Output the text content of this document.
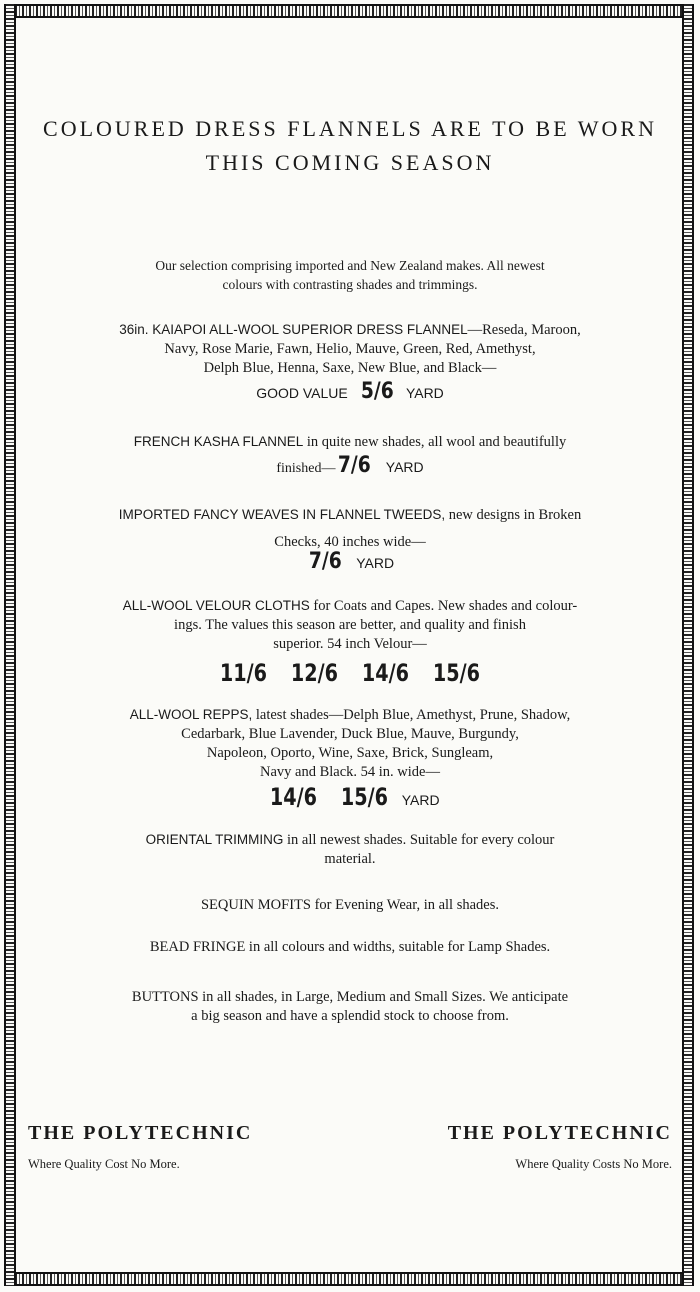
COLOURED DRESS FLANNELS ARE TO BE WORN
THIS COMING SEASON
Our selection comprising imported and New Zealand makes. All newest
colours with contrasting shades and trimmings.
36in. KAIAPOI ALL-WOOL SUPERIOR DRESS FLANNEL—Reseda, Maroon,
Navy, Rose Marie, Fawn, Helio, Mauve, Green, Red, Amethyst,
Delph Blue, Henna, Saxe, New Blue, and Black—
GOOD VALUE 5/6 YARD
FRENCH KASHA FLANNEL in quite new shades, all wool and beautifully
finished— 7/6 YARD
IMPORTED FANCY WEAVES IN FLANNEL TWEEDS, new designs in Broken
Checks, 40 inches wide—
7/6 YARD
ALL-WOOL VELOUR CLOTHS for Coats and Capes. New shades and colour-
ings. The values this season are better, and quality and finish
superior. 54 inch Velour—
11/6 12/6 14/6 15/6
ALL-WOOL REPPS, latest shades—Delph Blue, Amethyst, Prune, Shadow,
Cedarbark, Blue Lavender, Duck Blue, Mauve, Burgundy,
Napoleon, Oporto, Wine, Saxe, Brick, Sungleam,
Navy and Black. 54 in. wide—
14/6 15/6 YARD
ORIENTAL TRIMMING in all newest shades. Suitable for every colour
material.
SEQUIN MOFITS for Evening Wear, in all shades.
BEAD FRINGE in all colours and widths, suitable for Lamp Shades.
BUTTONS in all shades, in Large, Medium and Small Sizes. We anticipate
a big season and have a splendid stock to choose from.
THE POLYTECHNIC
Where Quality Cost No More.
THE POLYTECHNIC
Where Quality Costs No More.
